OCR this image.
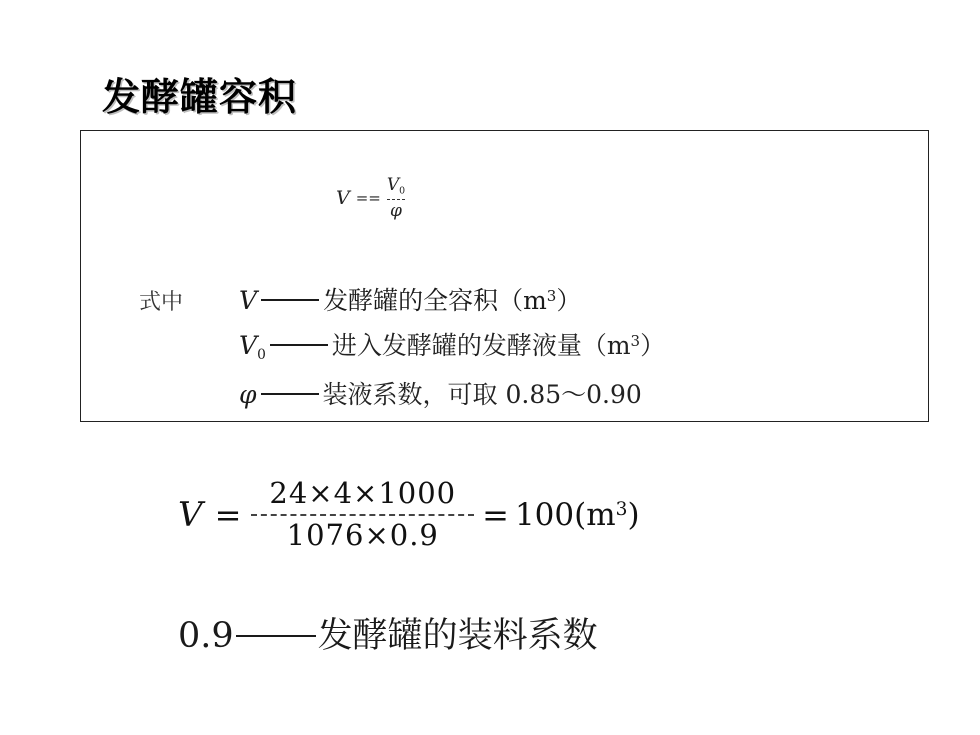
发酵罐容积
$V == \frac{V_0}{\varphi}$
式中	V	发酵罐的全容积$(m^3)$
$V_0$	进入发酵罐的发酵液量$(m^3)$
φ	装液系数，可取 0.85～0.90
$V = \frac{24\times 4\times 1000}{1076\times 0.9} = 100(m^3)$
0.9 发酵罐的装料系数
